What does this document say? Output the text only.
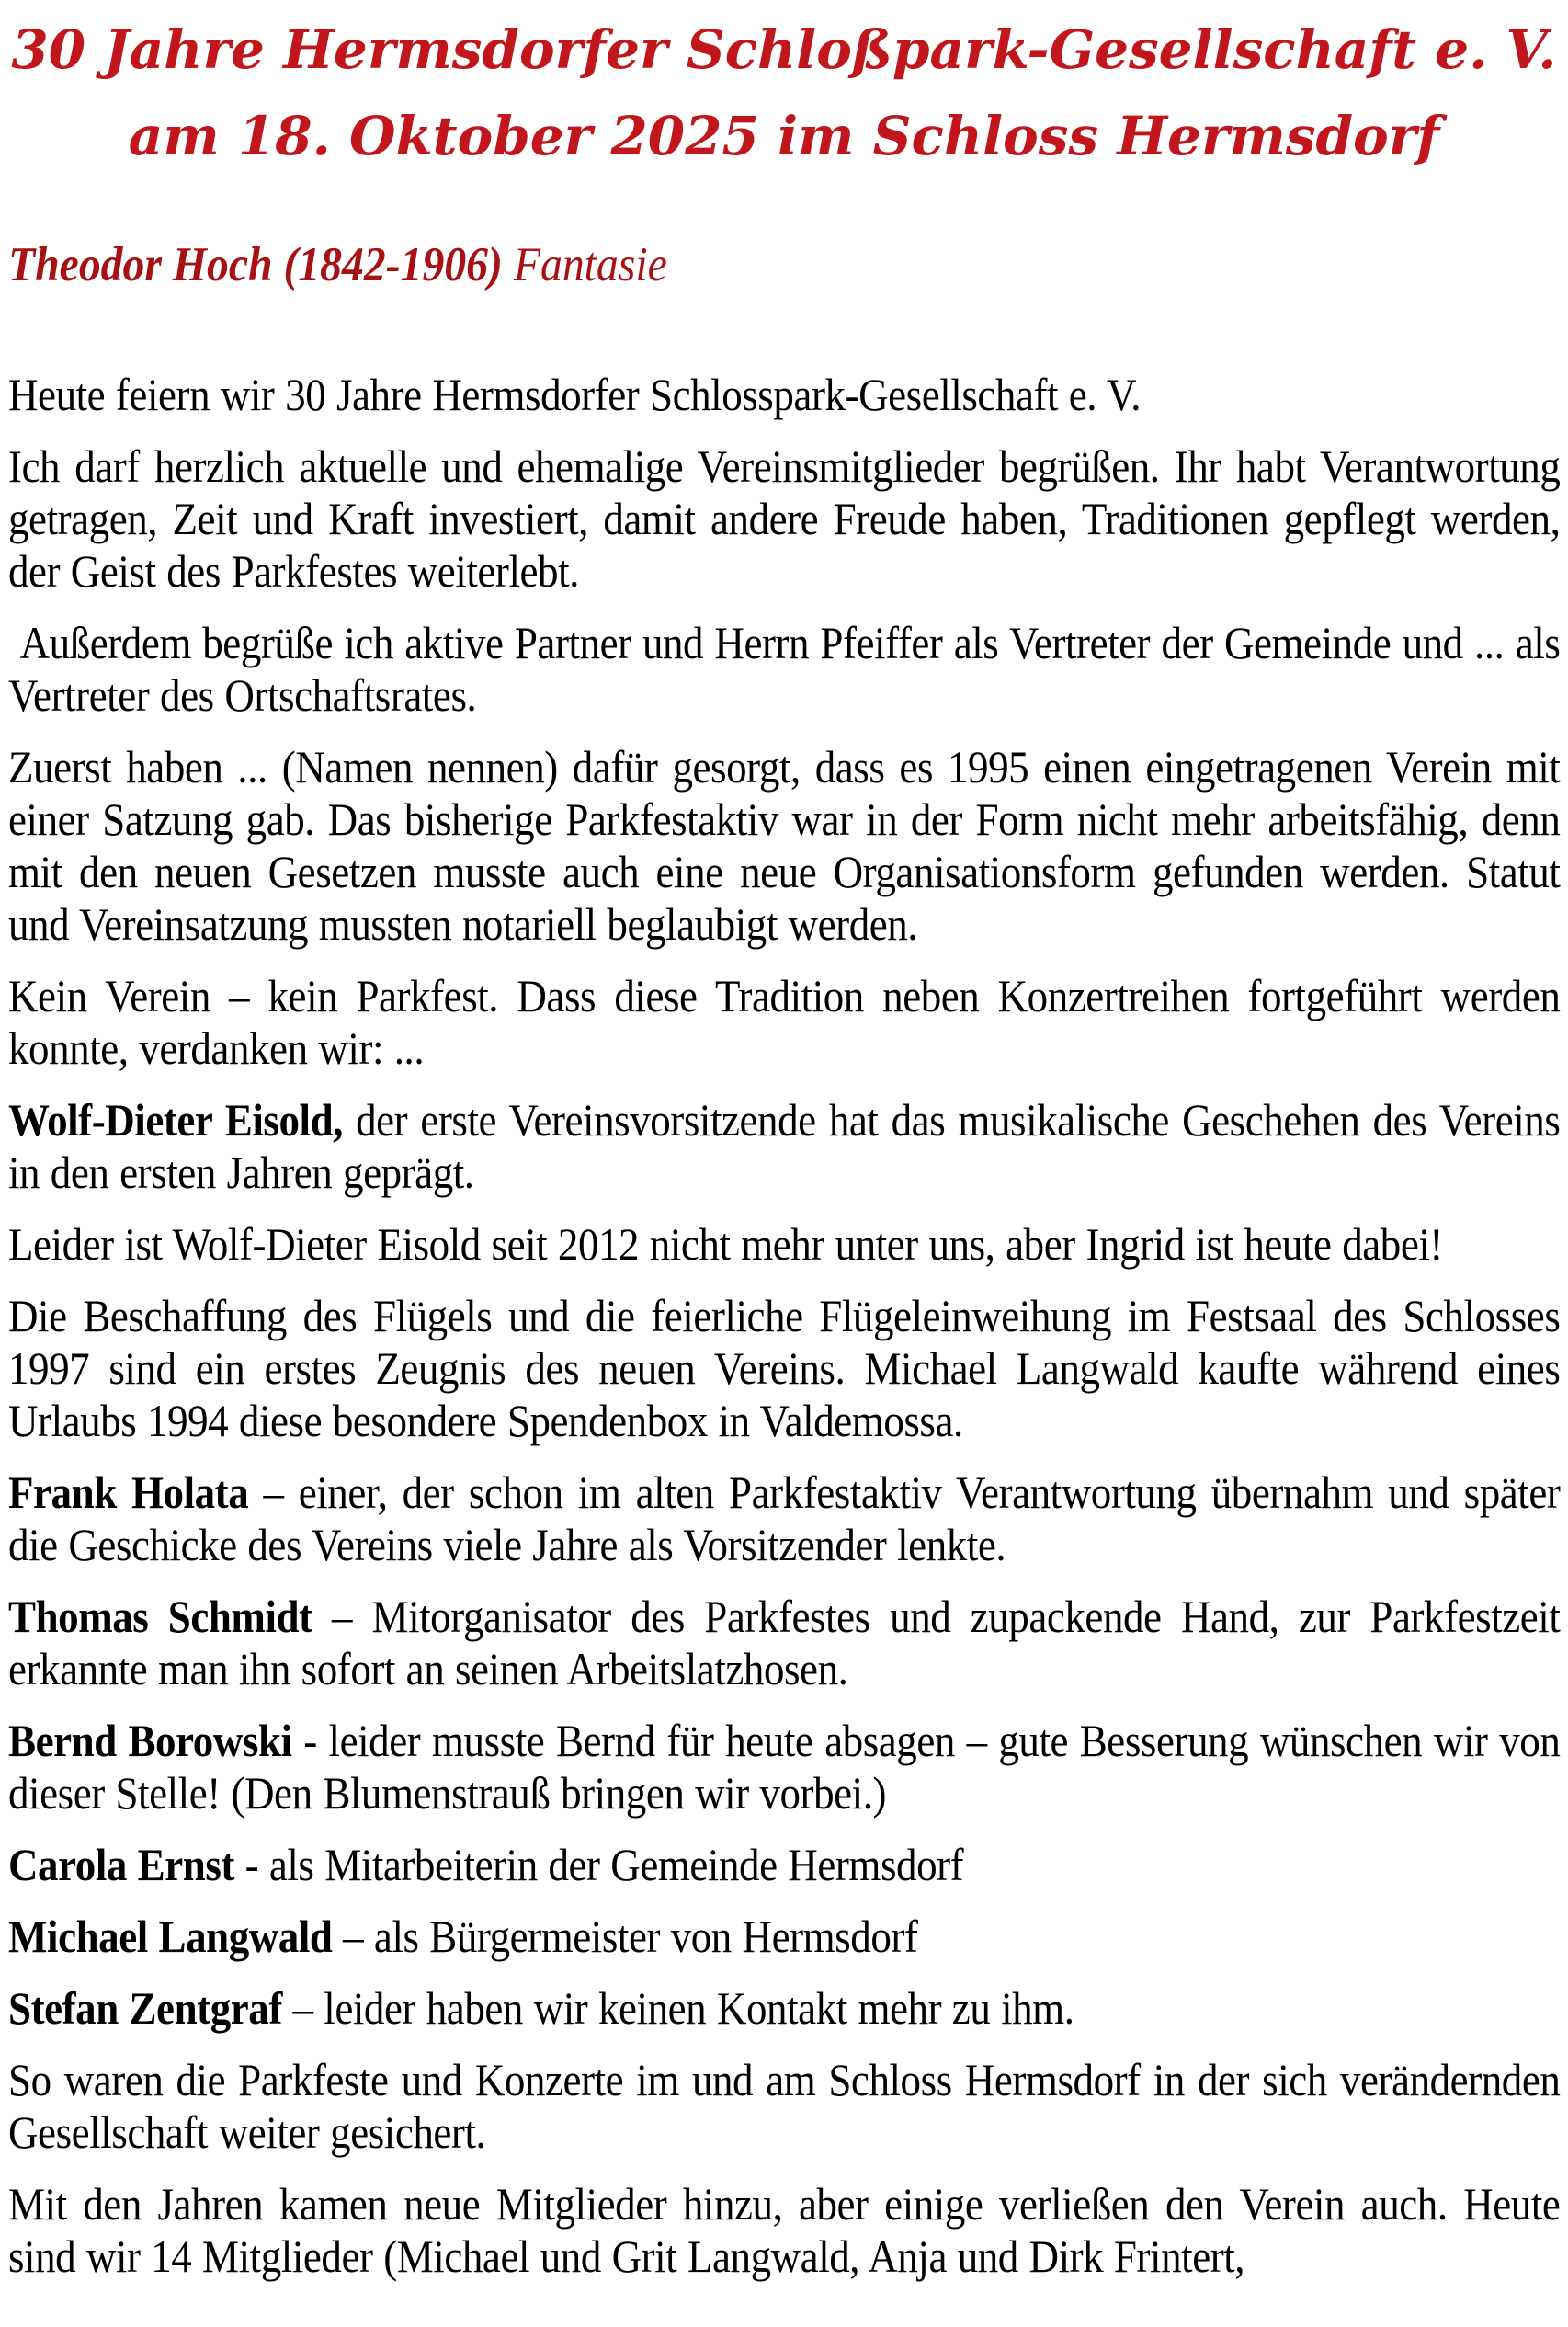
30 Jahre Hermsdorfer Schloßpark-Gesellschaft e. V.
am 18. Oktober 2025 im Schloss Hermsdorf
Theodor Hoch (1842-1906) Fantasie

Heute feiern wir 30 Jahre Hermsdorfer Schlosspark-Gesellschaft e. V.

Ich darf herzlich aktuelle und ehemalige Vereinsmitglieder begrüßen. Ihr habt Verantwortung getragen, Zeit und Kraft investiert, damit andere Freude haben, Traditionen gepflegt werden, der Geist des Parkfestes weiterlebt.

Außerdem begrüße ich aktive Partner und Herrn Pfeiffer als Vertreter der Gemeinde und ... als Vertreter des Ortschaftsrates.

Zuerst haben ... (Namen nennen) dafür gesorgt, dass es 1995 einen eingetragenen Verein mit einer Satzung gab. Das bisherige Parkfestaktiv war in der Form nicht mehr arbeitsfähig, denn mit den neuen Gesetzen musste auch eine neue Organisationsform gefunden werden. Statut und Vereinsatzung mussten notariell beglaubigt werden.

Kein Verein – kein Parkfest. Dass diese Tradition neben Konzertreihen fortgeführt werden konnte, verdanken wir: ...

Wolf-Dieter Eisold, der erste Vereinsvorsitzende hat das musikalische Geschehen des Vereins in den ersten Jahren geprägt.

Leider ist Wolf-Dieter Eisold seit 2012 nicht mehr unter uns, aber Ingrid ist heute dabei!

Die Beschaffung des Flügels und die feierliche Flügeleinweihung im Festsaal des Schlosses 1997 sind ein erstes Zeugnis des neuen Vereins. Michael Langwald kaufte während eines Urlaubs 1994 diese besondere Spendenbox in Valdemossa.

Frank Holata – einer, der schon im alten Parkfestaktiv Verantwortung übernahm und später die Geschicke des Vereins viele Jahre als Vorsitzender lenkte.

Thomas Schmidt – Mitorganisator des Parkfestes und zupackende Hand, zur Parkfestzeit erkannte man ihn sofort an seinen Arbeitslatzhosen.

Bernd Borowski - leider musste Bernd für heute absagen – gute Besserung wünschen wir von dieser Stelle! (Den Blumenstrauß bringen wir vorbei.)

Carola Ernst - als Mitarbeiterin der Gemeinde Hermsdorf

Michael Langwald – als Bürgermeister von Hermsdorf

Stefan Zentgraf – leider haben wir keinen Kontakt mehr zu ihm.

So waren die Parkfeste und Konzerte im und am Schloss Hermsdorf in der sich verändernden Gesellschaft weiter gesichert.

Mit den Jahren kamen neue Mitglieder hinzu, aber einige verließen den Verein auch. Heute sind wir 14 Mitglieder (Michael und Grit Langwald, Anja und Dirk Frintert,
